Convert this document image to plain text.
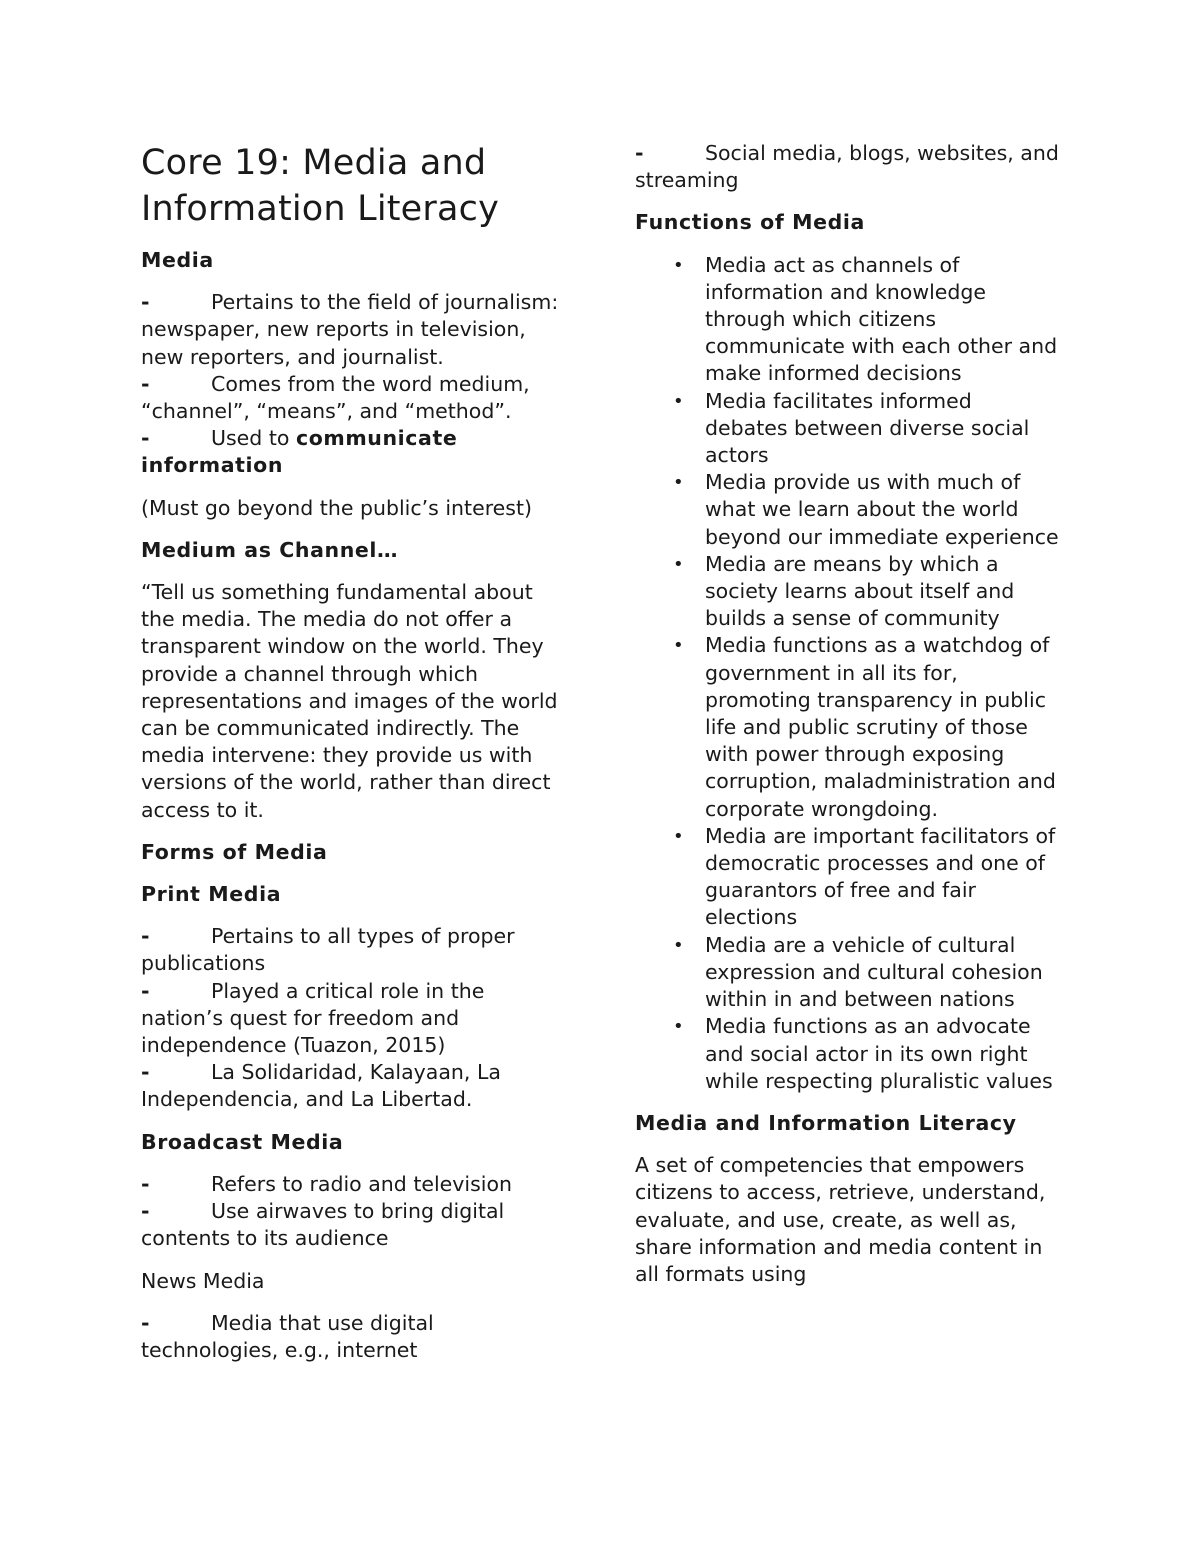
Core 19: Media and Information Literacy
Media
-	Pertains to the field of journalism: newspaper, new reports in television, new reporters, and journalist.
-	Comes from the word medium, “channel”, “means”, and “method”.
-	Used to communicate information

(Must go beyond the public’s interest)

Medium as Channel…

“Tell us something fundamental about the media. The media do not offer a transparent window on the world. They provide a channel through which representations and images of the world can be communicated indirectly. The media intervene: they provide us with versions of the world, rather than direct access to it.

Forms of Media
Print Media
-	Pertains to all types of proper publications
-	Played a critical role in the nation’s quest for freedom and independence (Tuazon, 2015)
-	La Solidaridad, Kalayaan, La Independencia, and La Libertad.
Broadcast Media
-	Refers to radio and television
-	Use airwaves to bring digital contents to its audience

News Media

-	Media that use digital technologies, e.g., internet
-	Social media, blogs, websites, and streaming
Functions of Media
• Media act as channels of information and knowledge through which citizens communicate with each other and make informed decisions
• Media facilitates informed debates between diverse social actors
• Media provide us with much of what we learn about the world beyond our immediate experience
• Media are means by which a society learns about itself and builds a sense of community
• Media functions as a watchdog of government in all its for, promoting transparency in public life and public scrutiny of those with power through exposing corruption, maladministration and corporate wrongdoing.
• Media are important facilitators of democratic processes and one of guarantors of free and fair elections
• Media are a vehicle of cultural expression and cultural cohesion within in and between nations
• Media functions as an advocate and social actor in its own right while respecting pluralistic values
Media and Information Literacy

A set of competencies that empowers citizens to access, retrieve, understand, evaluate, and use, create, as well as, share information and media content in all formats using
